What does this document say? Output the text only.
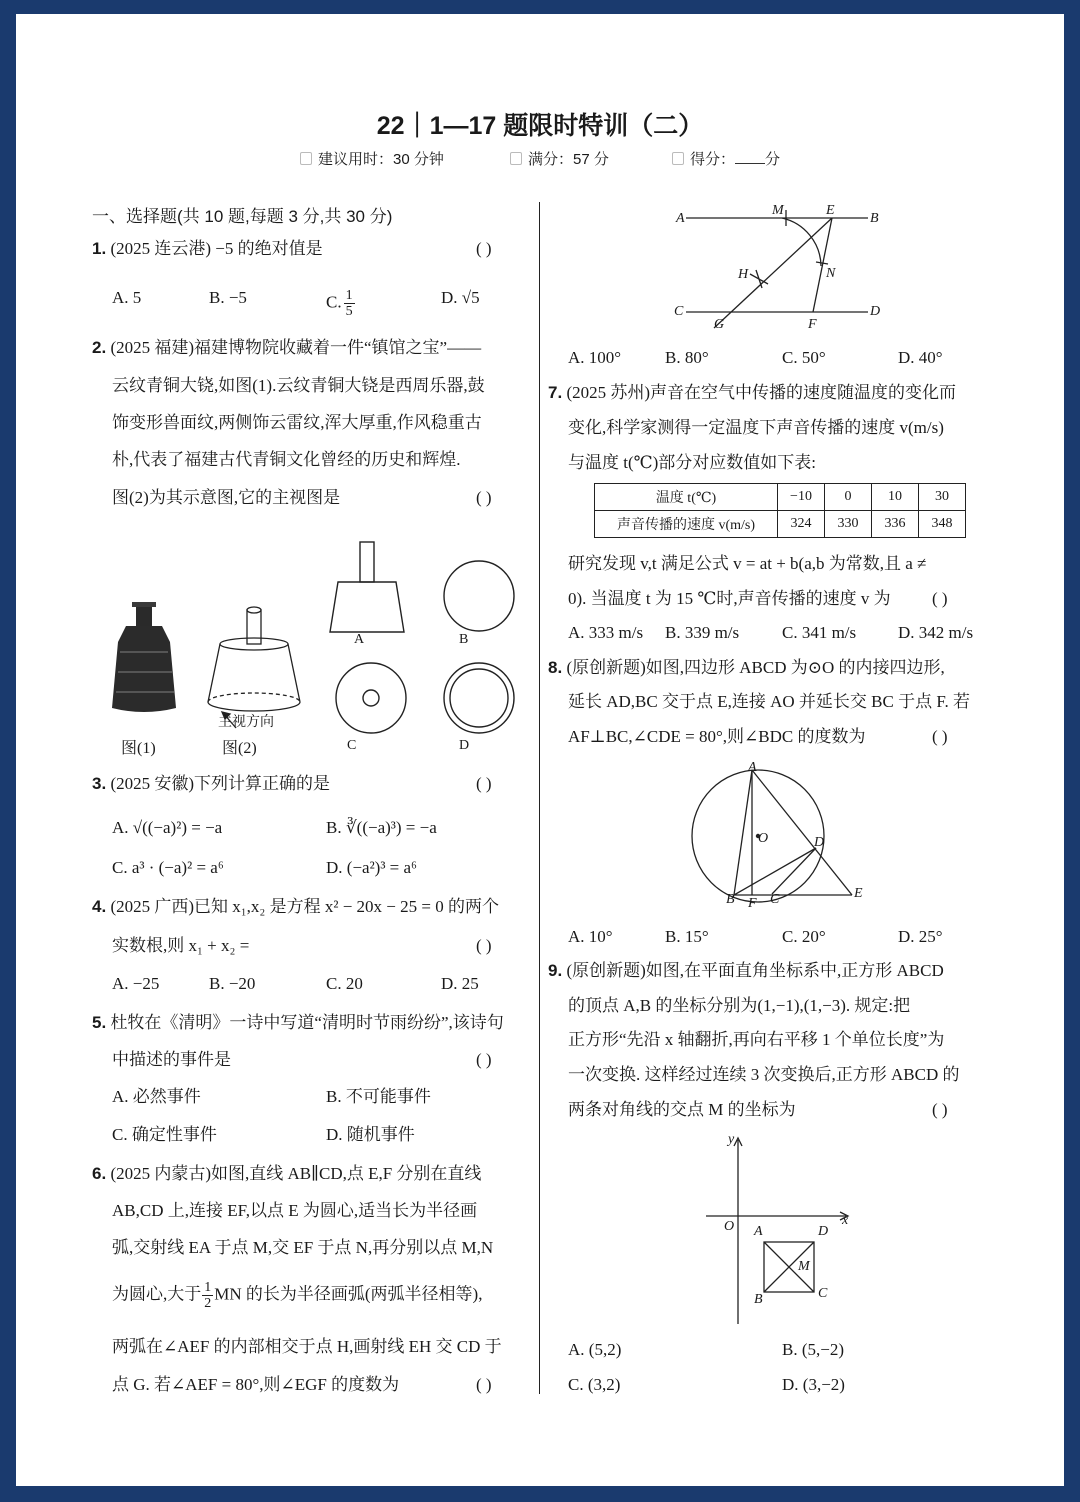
22｜1—17 题限时特训（二）
建议用时：30 分钟	满分：57 分	得分： 分
一、选择题(共 10 题,每题 3 分,共 30 分)
1. (2025 连云港) −5 的绝对值是	( )
A. 5	B. −5	C. $\frac{1}{5}$	D. √5
2. (2025 福建)福建博物院收藏着一件“镇馆之宝”——
云纹青铜大铙,如图(1).云纹青铜大铙是西周乐器,鼓
饰变形兽面纹,两侧饰云雷纹,浑大厚重,作风稳重古
朴,代表了福建古代青铜文化曾经的历史和辉煌.
图(2)为其示意图,它的主视图是	( )
A	B
C	D
主视方向
图(1)	图(2)
3. (2025 安徽)下列计算正确的是	( )
A. √((−a)²) = −a	B. ∛((−a)³) = −a
C. a³ · (−a)² = a⁶	D. (−a²)³ = a⁶
4. (2025 广西)已知 x₁,x₂ 是方程 x² − 20x − 25 = 0 的两个
实数根,则 x₁ + x₂ =	( )
A. −25	B. −20	C. 20	D. 25
5. 杜牧在《清明》一诗中写道“清明时节雨纷纷”,该诗句
中描述的事件是	( )
A. 必然事件	B. 不可能事件
C. 确定性事件	D. 随机事件
6. (2025 内蒙古)如图,直线 AB∥CD,点 E,F 分别在直线
AB,CD 上,连接 EF,以点 E 为圆心,适当长为半径画
弧,交射线 EA 于点 M,交 EF 于点 N,再分别以点 M,N
为圆心,大于 $\frac{1}{2}$ MN 的长为半径画弧(两弧半径相等),
两弧在∠AEF 的内部相交于点 H,画射线 EH 交 CD 于
点 G. 若∠AEF = 80°,则∠EGF 的度数为	( )
A
M	E
B
N
H
C
G	F
D
A. 100°	B. 80°	C. 50°	D. 40°
7. (2025 苏州)声音在空气中传播的速度随温度的变化而
变化,科学家测得一定温度下声音传播的速度 v(m/s)
与温度 t(℃)部分对应数值如下表:
温度 t(℃)	−10	0	10	30
声音传播的速度 v(m/s)	324	330	336	348
研究发现 v,t 满足公式 v = at + b(a,b 为常数,且 a ≠
0). 当温度 t 为 15 ℃时,声音传播的速度 v 为 ( )
A. 333 m/s B. 339 m/s	C. 341 m/s D. 342 m/s
8. (原创新题)如图,四边形 ABCD 为⊙O 的内接四边形,
延长 AD,BC 交于点 E,连接 AO 并延长交 BC 于点 F. 若
AF⊥BC,∠CDE = 80°,则∠BDC 的度数为	( )
A
O	D
B F C	E
A. 10°	B. 15°	C. 20°	D. 25°
9. (原创新题)如图,在平面直角坐标系中,正方形 ABCD
的顶点 A,B 的坐标分别为(1,−1),(1,−3). 规定:把
正方形“先沿 x 轴翻折,再向右平移 1 个单位长度”为
一次变换. 这样经过连续 3 次变换后,正方形 ABCD 的
两条对角线的交点 M 的坐标为	( )
y
O	x
A	D
M
B	C
A. (5,2)	B. (5,−2)
C. (3,2)	D. (3,−2)
